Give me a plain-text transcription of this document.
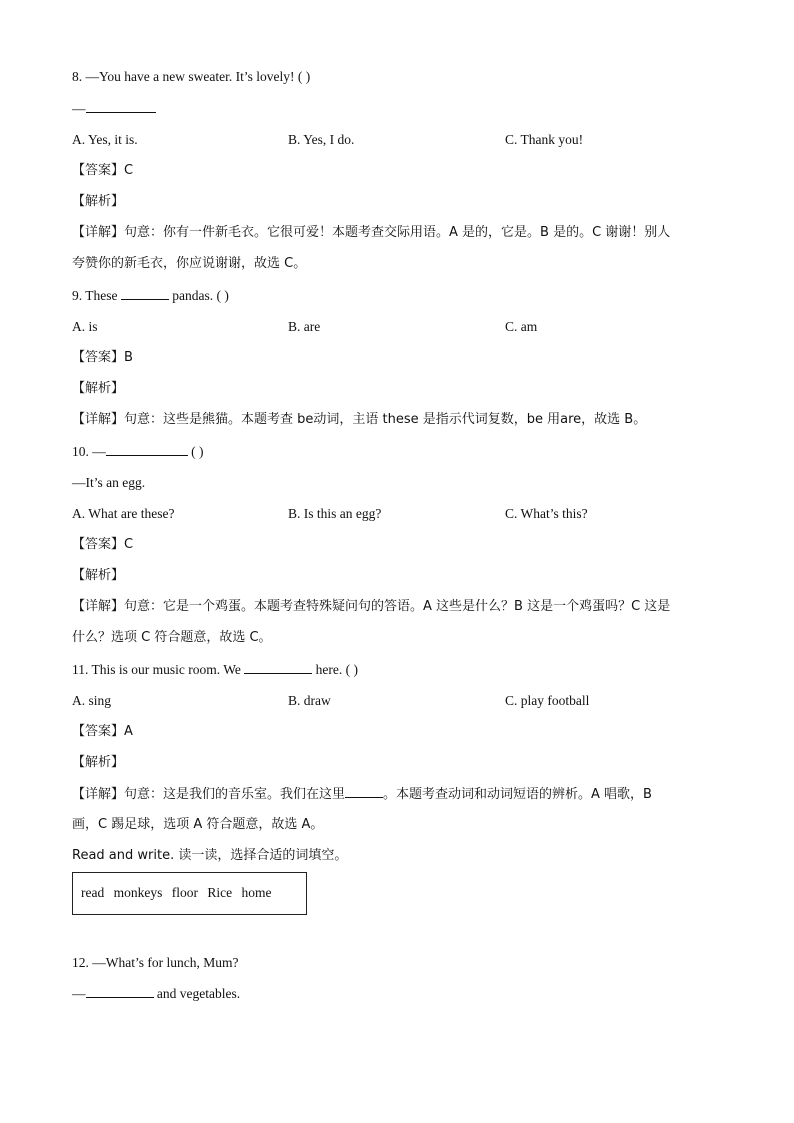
8. —You have a new sweater. It’s lovely! ( )
—
A. Yes, it is.	B. Yes, I do.	C. Thank you!
【答案】C
【解析】
【详解】句意：你有一件新毛衣。它很可爱！本题考查交际用语。A 是的，它是。B 是的。C 谢谢！别人
夸赞你的新毛衣，你应说谢谢，故选 C。
9. These	pandas. ( )
A. is	B. are	C. am
【答案】B
【解析】
【详解】句意：这些是熊猫。本题考查 be动词，主语 these 是指示代词复数，be 用are，故选 B。
10. —	( )
—It’s an egg.
A. What are these?	B. Is this an egg?	C. What’s this?
【答案】C
【解析】
【详解】句意：它是一个鸡蛋。本题考查特殊疑问句的答语。A 这些是什么？B 这是一个鸡蛋吗？C 这是
什么？选项 C 符合题意，故选 C。
11. This is our music room. We	here. ( )
A. sing	B. draw	C. play football
【答案】A
【解析】
【详解】句意：这是我们的音乐室。我们在这里	。本题考查动词和动词短语的辨析。A 唱歌，B
画，C 踢足球，选项 A 符合题意，故选 A。
Read and write. 读一读，选择合适的词填空。
read monkeys floor Rice home
12. —What’s for lunch, Mum?
—	and vegetables.
